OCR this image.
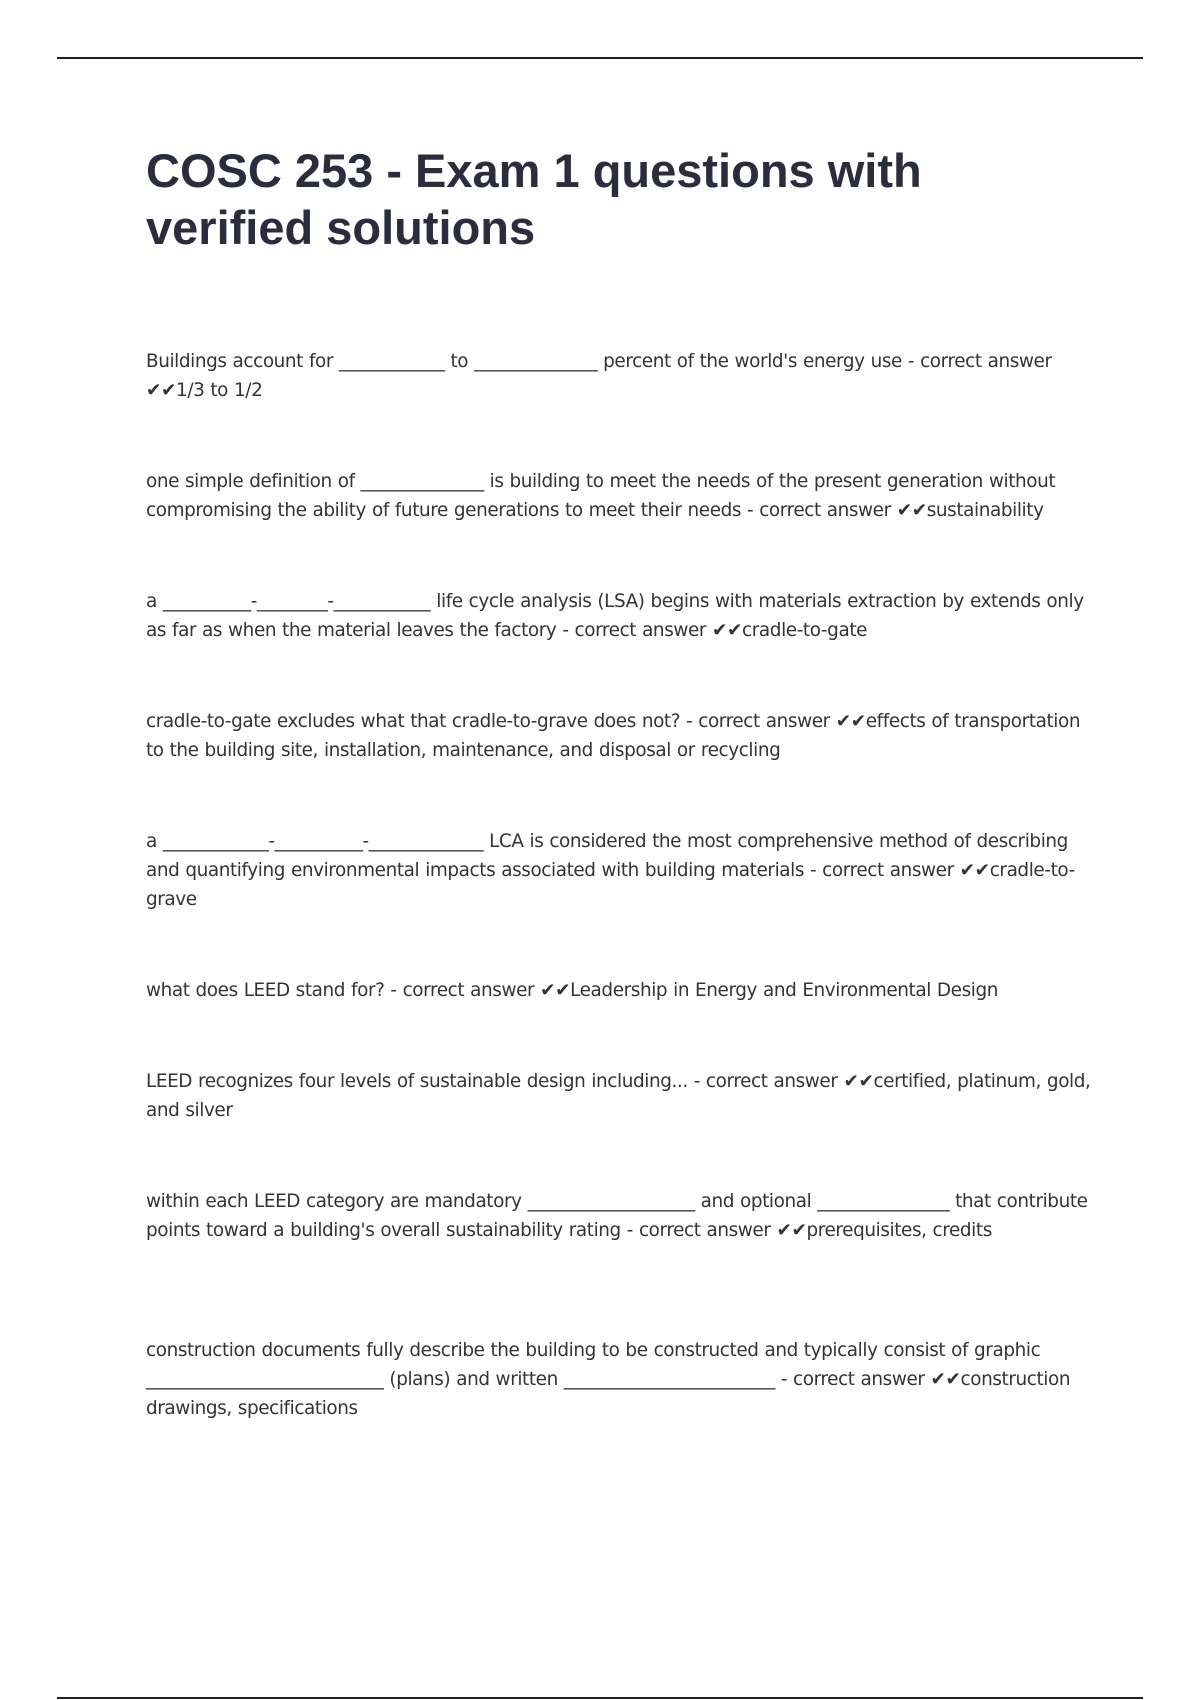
COSC 253 - Exam 1 questions with verified solutions

Buildings account for ____________ to ______________ percent of the world's energy use - correct answer ✔✔1/3 to 1/2

one simple definition of ______________ is building to meet the needs of the present generation without compromising the ability of future generations to meet their needs - correct answer ✔✔sustainability

a __________-________-___________ life cycle analysis (LSA) begins with materials extraction by extends only as far as when the material leaves the factory - correct answer ✔✔cradle-to-gate

cradle-to-gate excludes what that cradle-to-grave does not? - correct answer ✔✔effects of transportation to the building site, installation, maintenance, and disposal or recycling

a ____________-__________-_____________ LCA is considered the most comprehensive method of describing and quantifying environmental impacts associated with building materials - correct answer ✔✔cradle-to-grave

what does LEED stand for? - correct answer ✔✔Leadership in Energy and Environmental Design

LEED recognizes four levels of sustainable design including... - correct answer ✔✔certified, platinum, gold, and silver

within each LEED category are mandatory ___________________ and optional _______________ that contribute points toward a building's overall sustainability rating - correct answer ✔✔prerequisites, credits

construction documents fully describe the building to be constructed and typically consist of graphic ___________________________ (plans) and written ________________________ - correct answer ✔✔construction drawings, specifications
